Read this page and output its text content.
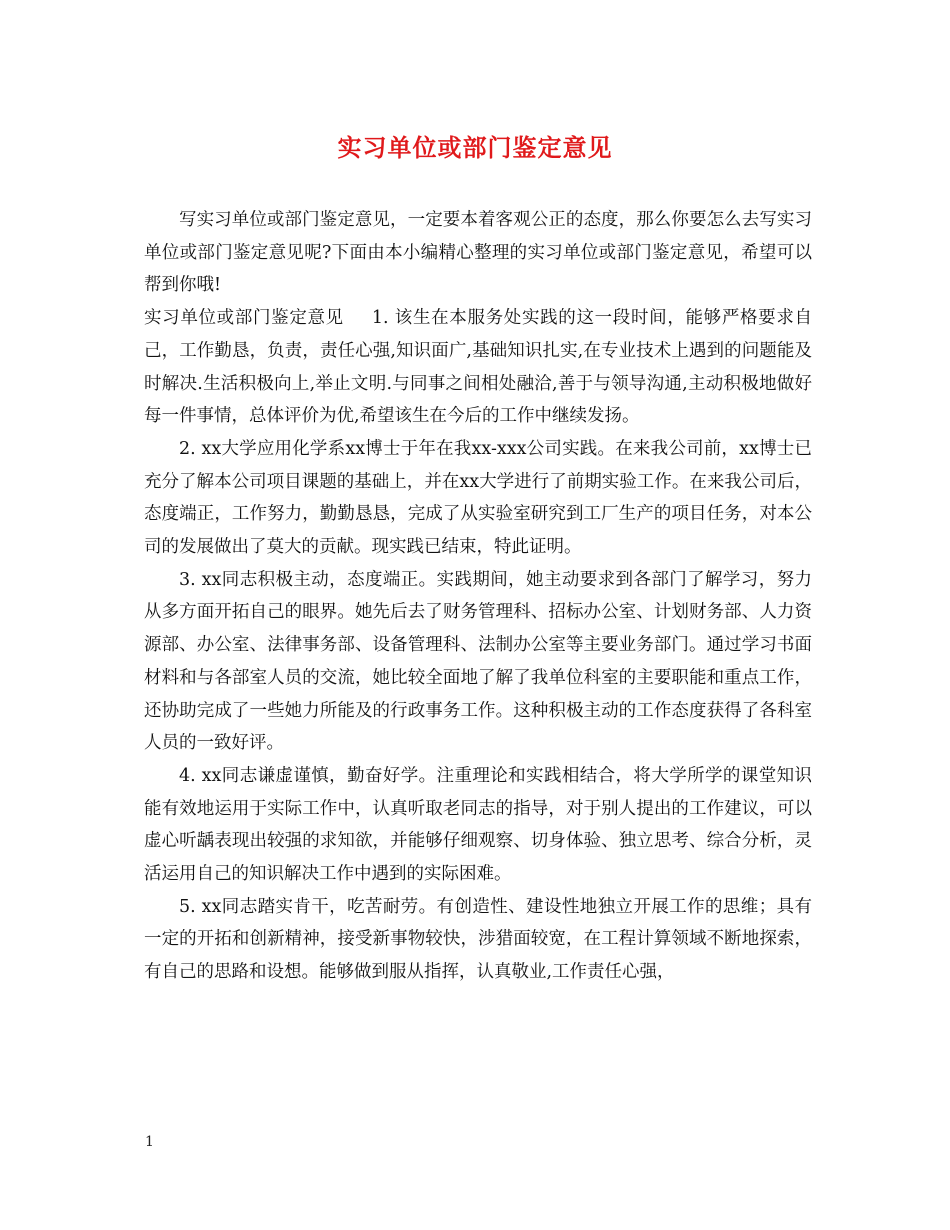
实习单位或部门鉴定意见

写实习单位或部门鉴定意见，一定要本着客观公正的态度，那么你要怎么去写实习单位或部门鉴定意见呢?下面由本小编精心整理的实习单位或部门鉴定意见，希望可以帮到你哦!

实习单位或部门鉴定意见 1. 该生在本服务处实践的这一段时间，能够严格要求自己，工作勤恳，负责，责任心强,知识面广,基础知识扎实,在专业技术上遇到的问题能及时解决.生活积极向上,举止文明.与同事之间相处融洽,善于与领导沟通,主动积极地做好每一件事情，总体评价为优,希望该生在今后的工作中继续发扬。

2. xx大学应用化学系xx博士于年在我xx-xxx公司实践。在来我公司前，xx博士已充分了解本公司项目课题的基础上，并在xx大学进行了前期实验工作。在来我公司后，态度端正，工作努力，勤勤恳恳，完成了从实验室研究到工厂生产的项目任务，对本公司的发展做出了莫大的贡献。现实践已结束，特此证明。

3. xx同志积极主动，态度端正。实践期间，她主动要求到各部门了解学习，努力从多方面开拓自己的眼界。她先后去了财务管理科、招标办公室、计划财务部、人力资源部、办公室、法律事务部、设备管理科、法制办公室等主要业务部门。通过学习书面材料和与各部室人员的交流，她比较全面地了解了我单位科室的主要职能和重点工作，还协助完成了一些她力所能及的行政事务工作。这种积极主动的工作态度获得了各科室人员的一致好评。

4. xx同志谦虚谨慎，勤奋好学。注重理论和实践相结合，将大学所学的课堂知识能有效地运用于实际工作中，认真听取老同志的指导，对于别人提出的工作建议，可以虚心听龋表现出较强的求知欲，并能够仔细观察、切身体验、独立思考、综合分析，灵活运用自己的知识解决工作中遇到的实际困难。

5. xx同志踏实肯干，吃苦耐劳。有创造性、建设性地独立开展工作的思维；具有一定的开拓和创新精神，接受新事物较快，涉猎面较宽，在工程计算领域不断地探索，有自己的思路和设想。能够做到服从指挥，认真敬业,工作责任心强，

1
